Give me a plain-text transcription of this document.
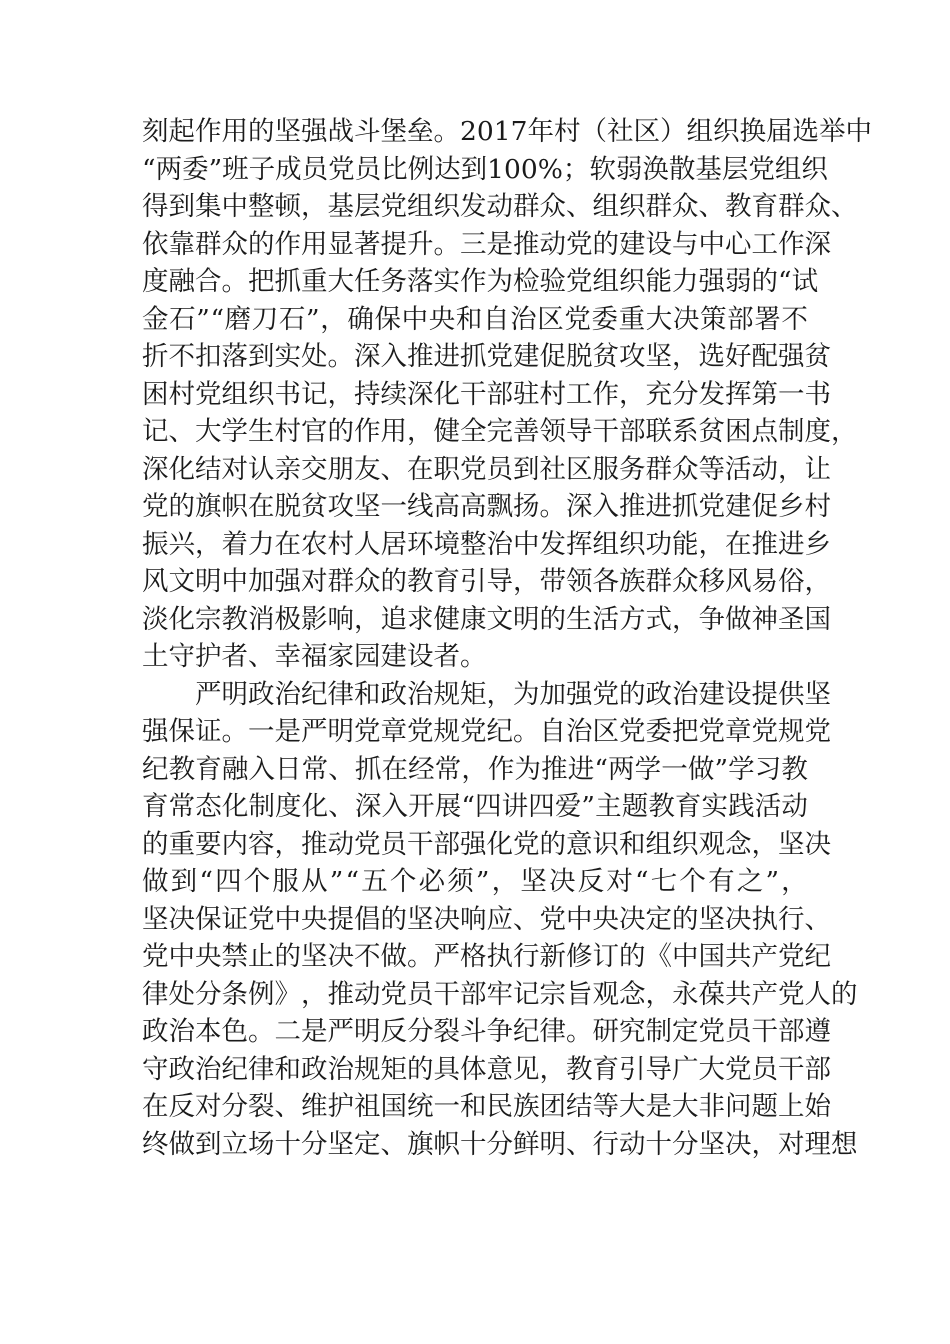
刻 起 作 用 的 坚 强 战 斗 堡 垒 。 2017 年 村 （ 社 区 ） 组 织 换 届 选 举 中
“ 两 委 ” 班 子 成 员 党 员 比 例 达 到 100% ； 软 弱 涣 散 基 层 党 组 织
得 到 集 中 整 顿 ， 基 层 党 组 织 发 动 群 众 、 组 织 群 众 、 教 育 群 众 、
依 靠 群 众 的 作 用 显 著 提 升 。 三 是 推 动 党 的 建 设 与 中 心 工 作 深
度 融 合 。 把 抓 重 大 任 务 落 实 作 为 检 验 党 组 织 能 力 强 弱 的 “ 试
金 石 ” “ 磨 刀 石 ” ， 确 保 中 央 和 自 治 区 党 委 重 大 决 策 部 署 不
折 不 扣 落 到 实 处 。 深 入 推 进 抓 党 建 促 脱 贫 攻 坚 ， 选 好 配 强 贫
困 村 党 组 织 书 记 ， 持 续 深 化 干 部 驻 村 工 作 ， 充 分 发 挥 第 一 书
记 、 大 学 生 村 官 的 作 用 ， 健 全 完 善 领 导 干 部 联 系 贫 困 点 制 度 ，
深 化 结 对 认 亲 交 朋 友 、 在 职 党 员 到 社 区 服 务 群 众 等 活 动 ， 让
党 的 旗 帜 在 脱 贫 攻 坚 一 线 高 高 飘 扬 。 深 入 推 进 抓 党 建 促 乡 村
振 兴 ， 着 力 在 农 村 人 居 环 境 整 治 中 发 挥 组 织 功 能 ， 在 推 进 乡
风 文 明 中 加 强 对 群 众 的 教 育 引 导 ， 带 领 各 族 群 众 移 风 易 俗 ，
淡 化 宗 教 消 极 影 响 ， 追 求 健 康 文 明 的 生 活 方 式 ， 争 做 神 圣 国
土 守 护 者 、 幸 福 家 园 建 设 者 。
严 明 政 治 纪 律 和 政 治 规 矩 ， 为 加 强 党 的 政 治 建 设 提 供 坚
强 保 证 。 一 是 严 明 党 章 党 规 党 纪 。 自 治 区 党 委 把 党 章 党 规 党
纪 教 育 融 入 日 常 、 抓 在 经 常 ， 作 为 推 进 “ 两 学 一 做 ” 学 习 教
育 常 态 化 制 度 化 、 深 入 开 展 “ 四 讲 四 爱 ” 主 题 教 育 实 践 活 动
的 重 要 内 容 ， 推 动 党 员 干 部 强 化 党 的 意 识 和 组 织 观 念 ， 坚 决
做 到 “ 四 个 服 从 ” “ 五 个 必 须 ” ， 坚 决 反 对 “ 七 个 有 之 ” ，
坚 决 保 证 党 中 央 提 倡 的 坚 决 响 应 、 党 中 央 决 定 的 坚 决 执 行 、
党 中 央 禁 止 的 坚 决 不 做 。 严 格 执 行 新 修 订 的 《 中 国 共 产 党 纪
律 处 分 条 例 》 ， 推 动 党 员 干 部 牢 记 宗 旨 观 念 ， 永 葆 共 产 党 人 的
政 治 本 色 。 二 是 严 明 反 分 裂 斗 争 纪 律 。 研 究 制 定 党 员 干 部 遵
守 政 治 纪 律 和 政 治 规 矩 的 具 体 意 见 ， 教 育 引 导 广 大 党 员 干 部
在 反 对 分 裂 、 维 护 祖 国 统 一 和 民 族 团 结 等 大 是 大 非 问 题 上 始
终 做 到 立 场 十 分 坚 定 、 旗 帜 十 分 鲜 明 、 行 动 十 分 坚 决 ， 对 理 想
